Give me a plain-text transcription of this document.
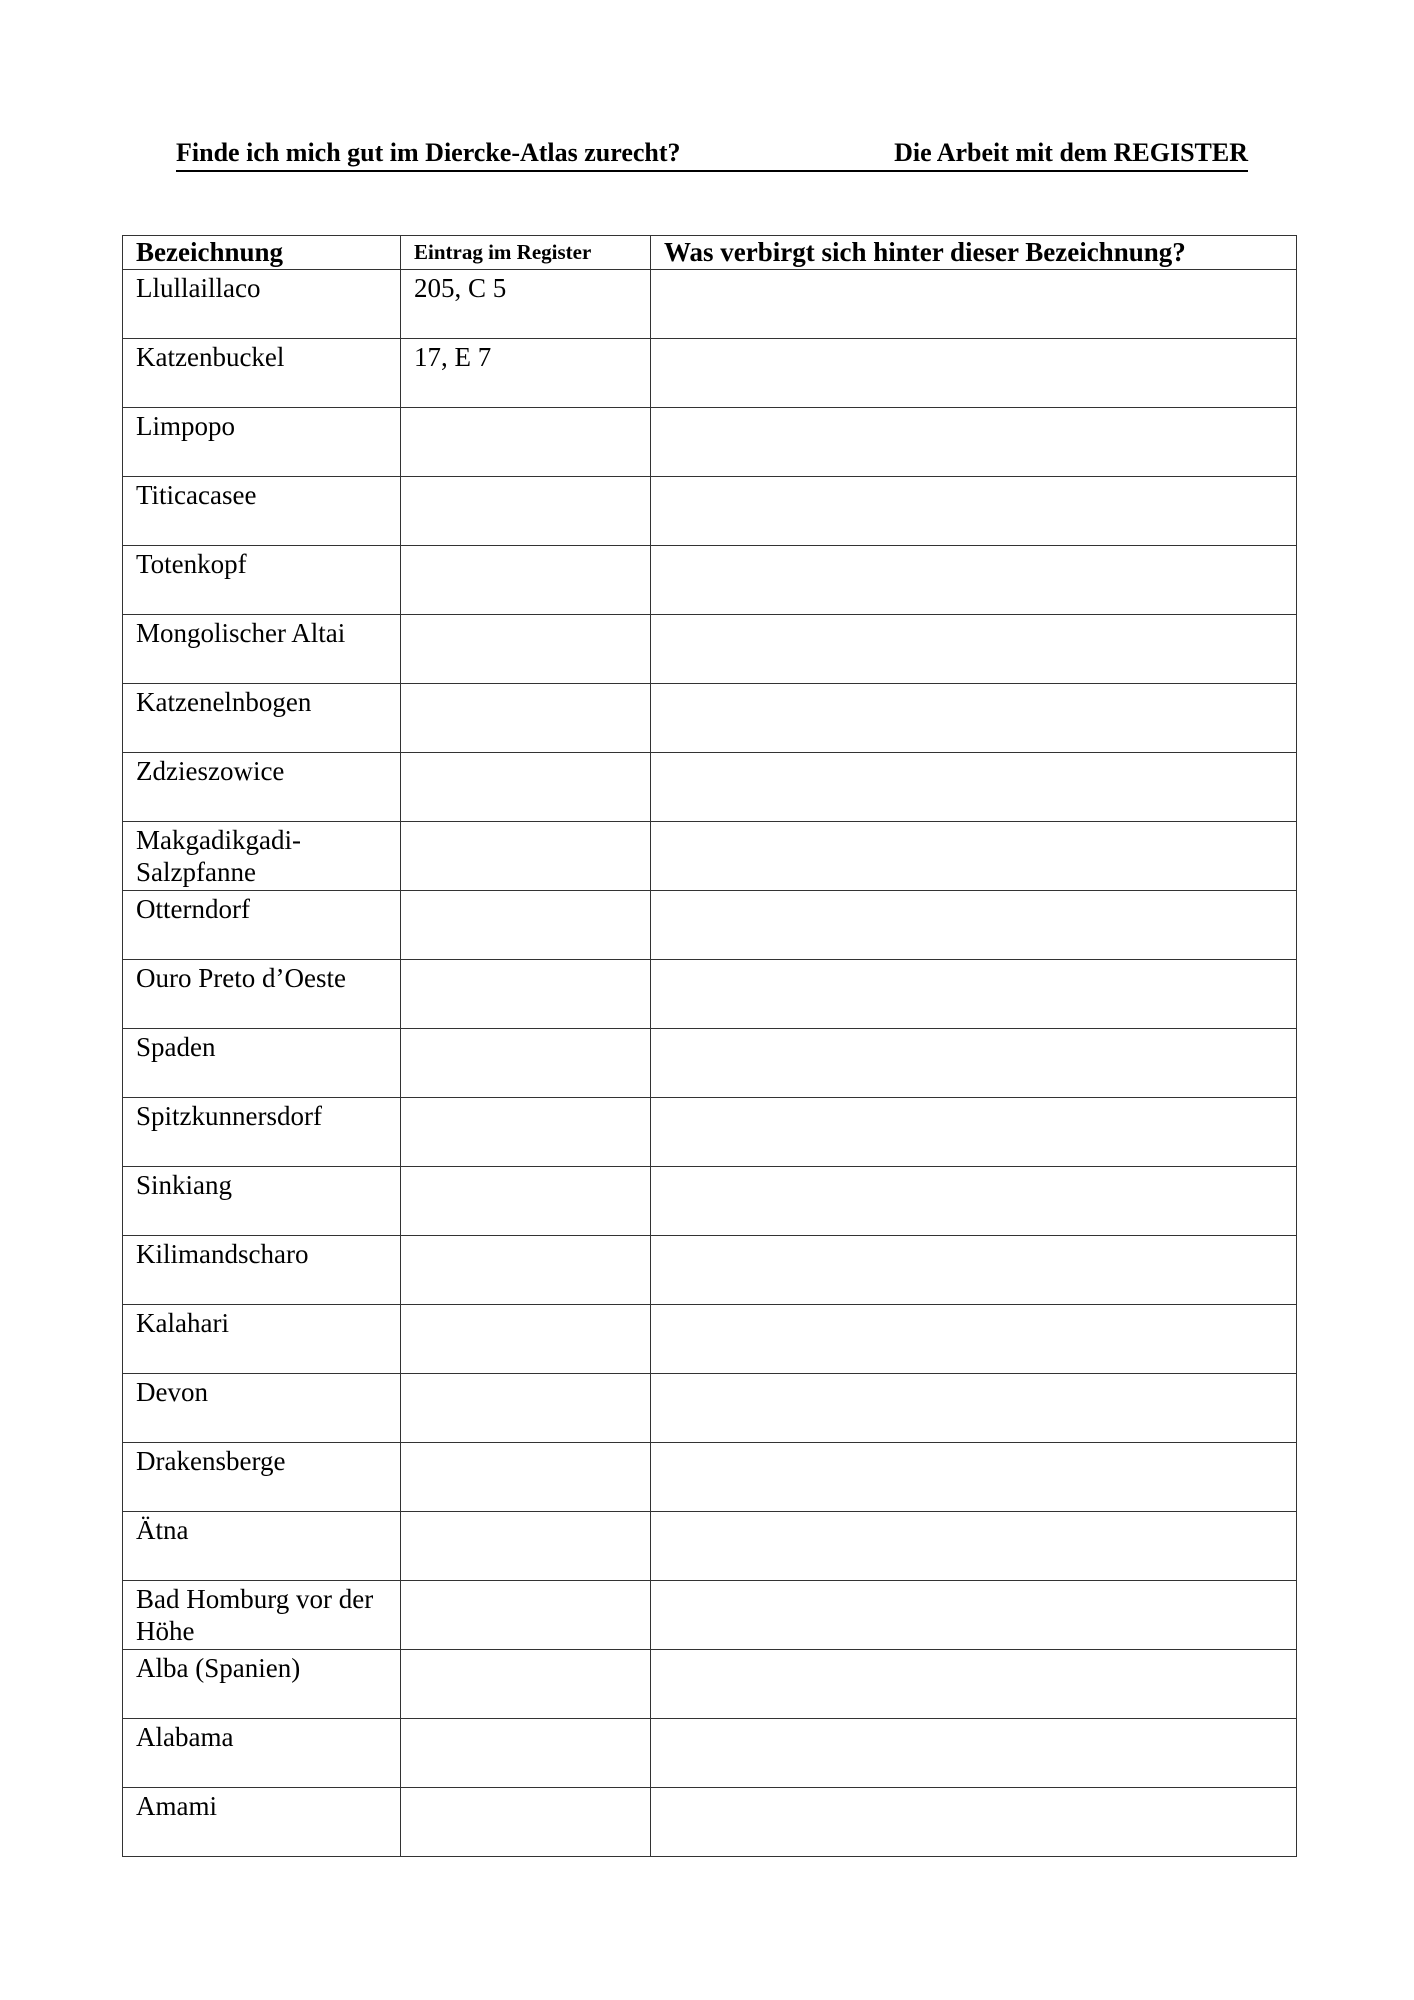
Finde ich mich gut im Diercke-Atlas zurecht?	Die Arbeit mit dem REGISTER
Bezeichnung	Eintrag im Register	Was verbirgt sich hinter dieser Bezeichnung?
Llullaillaco	205, C 5	
Katzenbuckel	17, E 7	
Limpopo		
Titicacasee		
Totenkopf		
Mongolischer Altai		
Katzenelnbogen		
Zdzieszowice		
Makgadikgadi-Salzpfanne		
Otterndorf		
Ouro Preto d’Oeste		
Spaden		
Spitzkunnersdorf		
Sinkiang		
Kilimandscharo		
Kalahari		
Devon		
Drakensberge		
Ätna		
Bad Homburg vor der Höhe		
Alba (Spanien)		
Alabama		
Amami		
